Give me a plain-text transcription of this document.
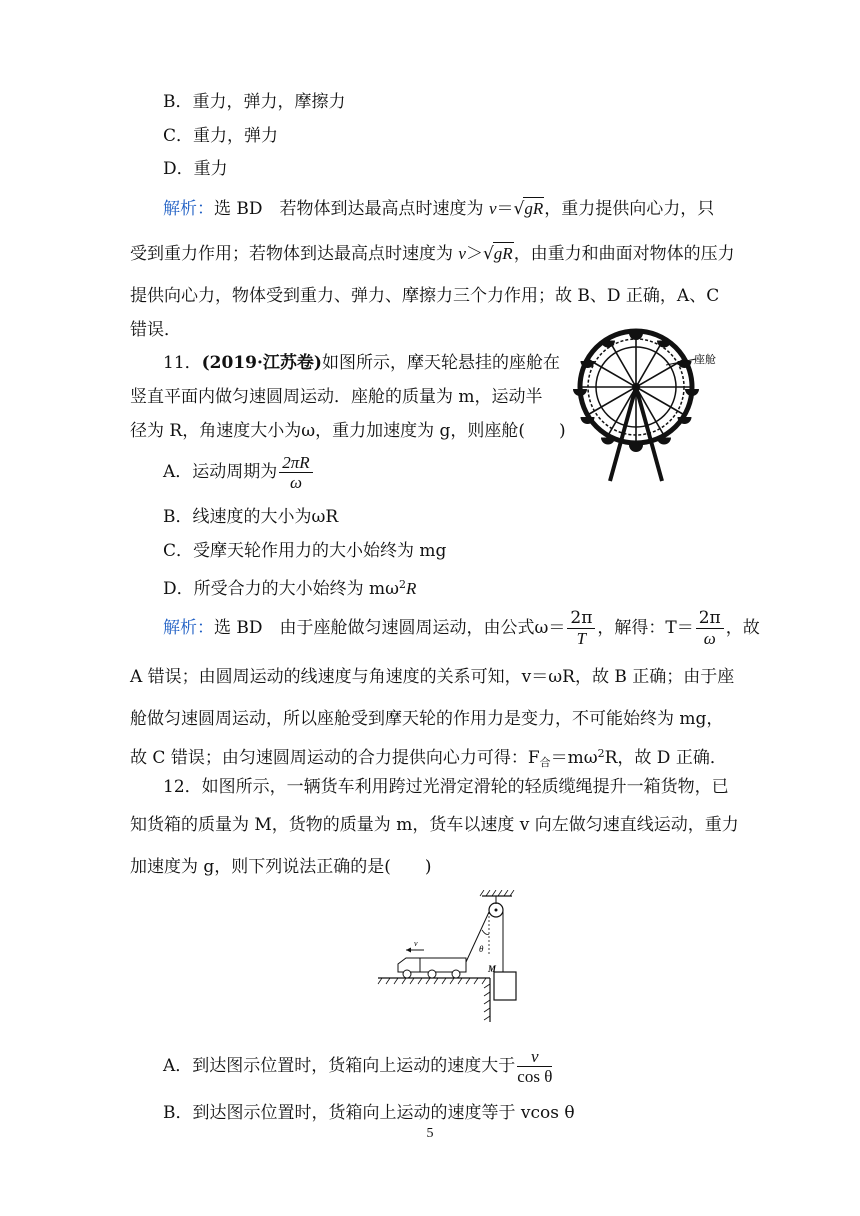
B．重力，弹力，摩擦力
C．重力，弹力
D．重力
解析：选 BD　若物体到达最高点时速度为 v＝√gR，重力提供向心力，只
受到重力作用；若物体到达最高点时速度为 v＞√gR，由重力和曲面对物体的压力
提供向心力，物体受到重力、弹力、摩擦力三个力作用；故 B、D 正确，A、C
错误．
11．(2019·江苏卷)如图所示，摩天轮悬挂的座舱在
竖直平面内做匀速圆周运动．座舱的质量为 m，运动半
径为 R，角速度大小为ω，重力加速度为 g，则座舱(　　)
座舱
A．运动周期为 $\frac{2\pi R}{\omega}$
B．线速度的大小为ωR
C．受摩天轮作用力的大小始终为 mg
D．所受合力的大小始终为 $m\omega^2R$
解析：选 BD　由于座舱做匀速圆周运动，由公式$\omega= \frac{2\pi}{T}$ ，解得：$T= \frac{2\pi}{\omega}$ ，故
A 错误；由圆周运动的线速度与角速度的关系可知，v＝ωR，故 B 正确；由于座
舱做匀速圆周运动，所以座舱受到摩天轮的作用力是变力，不可能始终为 mg，
故 C 错误；由匀速圆周运动的合力提供向心力可得：$F_合=m\omega^2R$，故 D 正确．
12．如图所示，一辆货车利用跨过光滑定滑轮的轻质缆绳提升一箱货物，已
知货箱的质量为 M，货物的质量为 m，货车以速度 v 向左做匀速直线运动，重力
加速度为 g，则下列说法正确的是(　　)
θ
v
M
A．到达图示位置时，货箱向上运动的速度大于 $\frac{v}{\text{cos θ}}$
B．到达图示位置时，货箱向上运动的速度等于 vcos θ
5
